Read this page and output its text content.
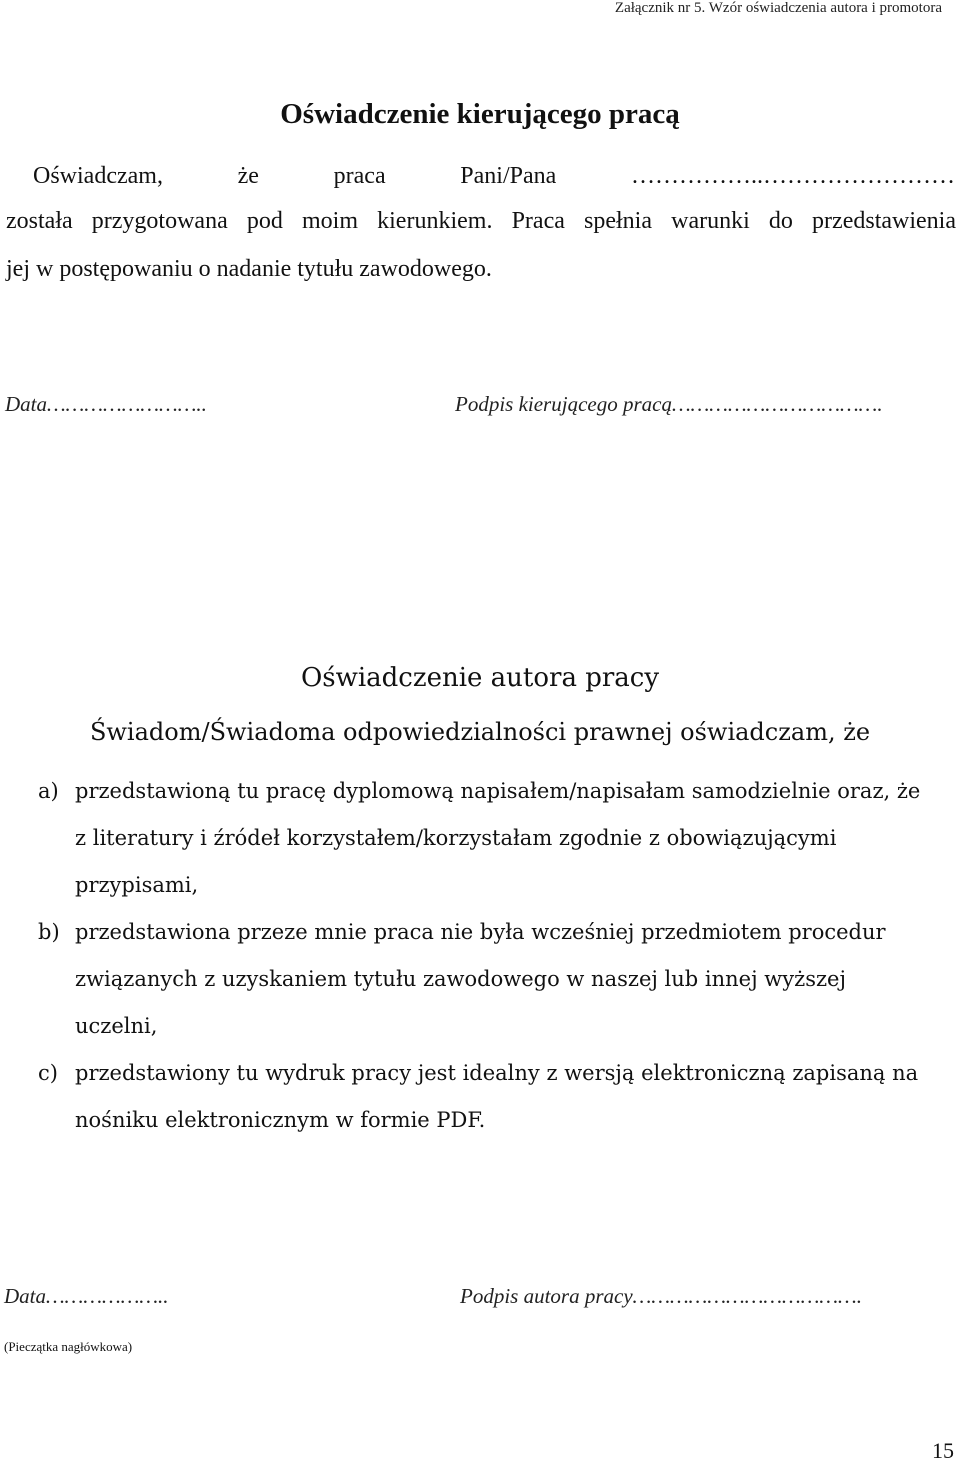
Załącznik nr 5. Wzór oświadczenia autora i promotora
Oświadczenie kierującego pracą
Oświadczam,	że	praca	Pani/Pana	……………..……………………
została przygotowana pod moim kierunkiem. Praca spełnia warunki do przedstawienia
jej w postępowaniu o nadanie tytułu zawodowego.
Data……………………..	Podpis kierującego pracą…………………………….
Oświadczenie autora pracy
Świadom/Świadoma odpowiedzialności prawnej oświadczam, że
a) przedstawioną tu pracę dyplomową napisałem/napisałam samodzielnie oraz, że
z literatury i źródeł korzystałem/korzystałam zgodnie z obowiązującymi
przypisami,
b) przedstawiona przeze mnie praca nie była wcześniej przedmiotem procedur
związanych z uzyskaniem tytułu zawodowego w naszej lub innej wyższej
uczelni,
c) przedstawiony tu wydruk pracy jest idealny z wersją elektroniczną zapisaną na
nośniku elektronicznym w formie PDF.
Data………………..	Podpis autora pracy……………………………….
(Pieczątka nagłówkowa)
15
